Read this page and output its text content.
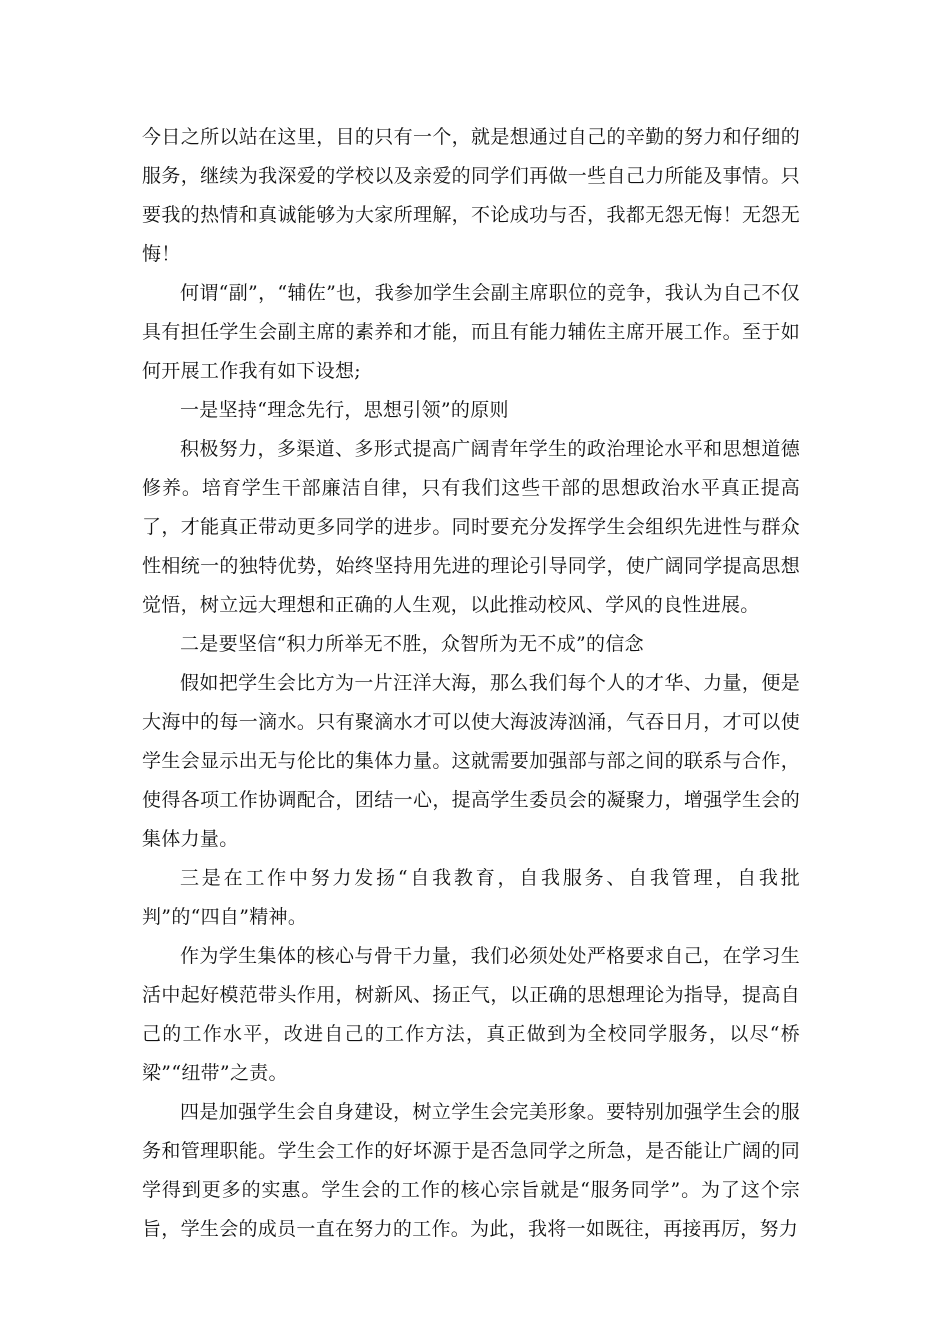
今日之所以站在这里，目的只有一个，就是想通过自己的辛勤的努力和仔细的服务，继续为我深爱的学校以及亲爱的同学们再做一些自己力所能及事情。只要我的热情和真诚能够为大家所理解，不论成功与否，我都无怨无悔！无怨无悔！

何谓“副”，“辅佐”也，我参加学生会副主席职位的竞争，我认为自己不仅具有担任学生会副主席的素养和才能，而且有能力辅佐主席开展工作。至于如何开展工作我有如下设想;

一是坚持“理念先行，思想引领”的原则

积极努力，多渠道、多形式提高广阔青年学生的政治理论水平和思想道德修养。培育学生干部廉洁自律，只有我们这些干部的思想政治水平真正提高了，才能真正带动更多同学的进步。同时要充分发挥学生会组织先进性与群众性相统一的独特优势，始终坚持用先进的理论引导同学，使广阔同学提高思想觉悟，树立远大理想和正确的人生观，以此推动校风、学风的良性进展。

二是要坚信“积力所举无不胜，众智所为无不成”的信念

假如把学生会比方为一片汪洋大海，那么我们每个人的才华、力量，便是大海中的每一滴水。只有聚滴水才可以使大海波涛汹涌，气吞日月，才可以使学生会显示出无与伦比的集体力量。这就需要加强部与部之间的联系与合作，使得各项工作协调配合，团结一心，提高学生委员会的凝聚力，增强学生会的集体力量。

三是在工作中努力发扬“自我教育，自我服务、自我管理，自我批判”的“四自”精神。

作为学生集体的核心与骨干力量，我们必须处处严格要求自己，在学习生活中起好模范带头作用，树新风、扬正气，以正确的思想理论为指导，提高自己的工作水平，改进自己的工作方法，真正做到为全校同学服务，以尽“桥梁”“纽带”之责。

四是加强学生会自身建设，树立学生会完美形象。要特别加强学生会的服务和管理职能。学生会工作的好坏源于是否急同学之所急，是否能让广阔的同学得到更多的实惠。学生会的工作的核心宗旨就是“服务同学”。为了这个宗旨，学生会的成员一直在努力的工作。为此，我将一如既往，再接再厉，努力
